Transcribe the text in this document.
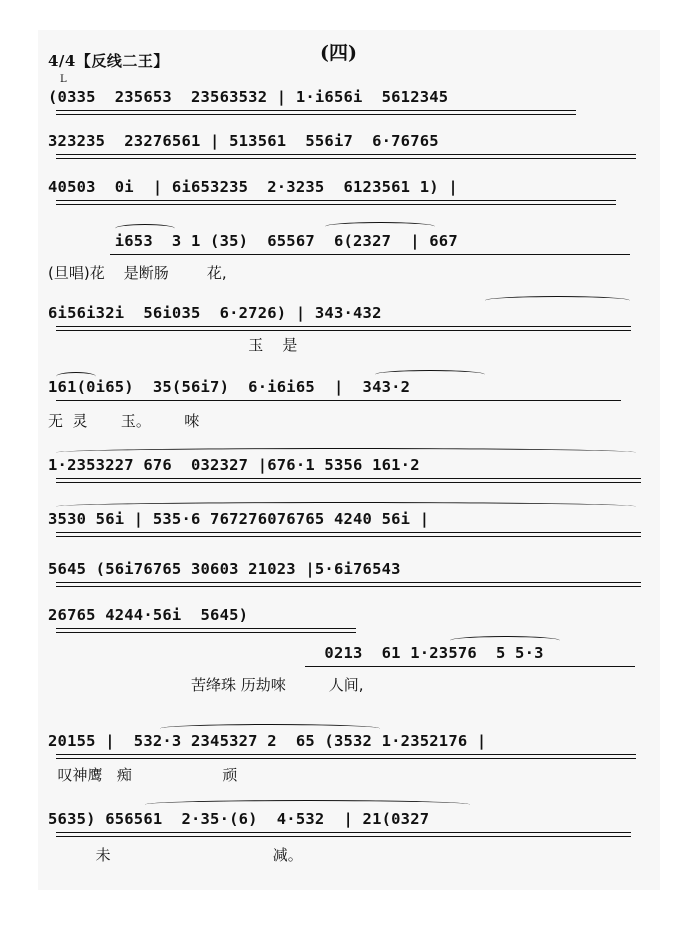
4/4【反线二王】	(四)
L
(0335  235653  23563532 | 1·i656i  5612345
323235  23276561 | 513561  556i7  6·76765
40503  0i  | 6i653235  2·3235  6123561 1) |
i653  3 1 (35)  65567  6(2327  | 667
(旦唱)花    是断肠        花,
6i56i32i  56i035  6·2726) | 343·432
玉    是
161(0i65)  35(56i7)  6·i6i65  |  343·2
无  灵       玉。       唻
1·2353227 676  032327 |676·1 5356 161·2
3530 56i | 535·6 767276076765 4240 56i |
5645 (56i76765 30603 21023 |5·6i76543
26765 4244·56i  5645)
0213  61 1·23576  5 5·3
苦绛珠 历劫唻         人间,
20155 |  532·3 2345327 2  65 (3532 1·2352176 |
叹神鹰   痴                   顽
5635) 656561  2·35·(6)  4·532  | 21(0327
未                                  减。
